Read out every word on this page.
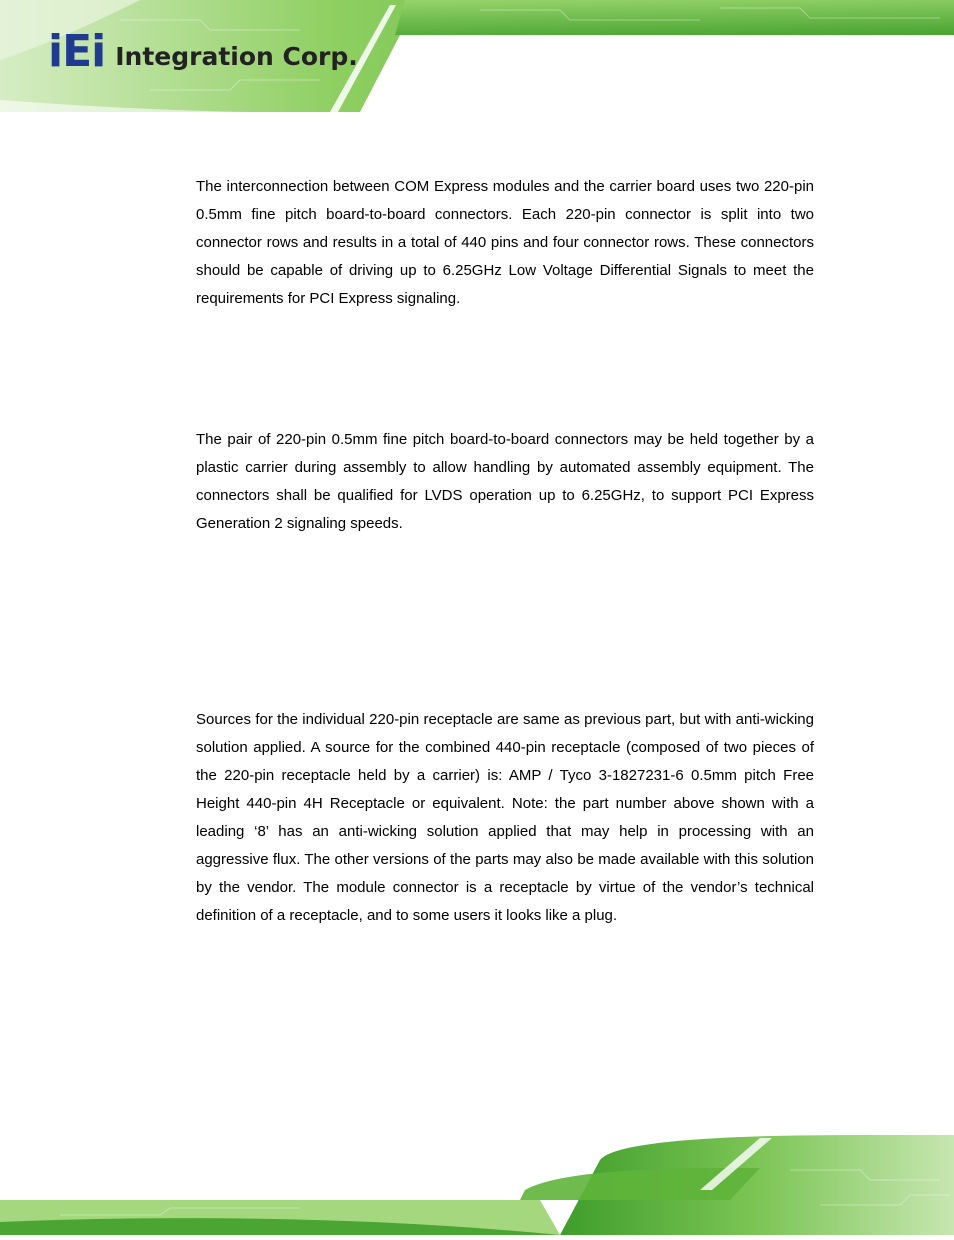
iEi Integration Corp.

The interconnection between COM Express modules and the carrier board uses two 220-pin 0.5mm fine pitch board-to-board connectors. Each 220-pin connector is split into two connector rows and results in a total of 440 pins and four connector rows. These connectors should be capable of driving up to 6.25GHz Low Voltage Differential Signals to meet the requirements for PCI Express signaling.

The pair of 220-pin 0.5mm fine pitch board-to-board connectors may be held together by a plastic carrier during assembly to allow handling by automated assembly equipment. The connectors shall be qualified for LVDS operation up to 6.25GHz, to support PCI Express Generation 2 signaling speeds.

Sources for the individual 220-pin receptacle are same as previous part, but with anti-wicking solution applied. A source for the combined 440-pin receptacle (composed of two pieces of the 220-pin receptacle held by a carrier) is: AMP / Tyco 3-1827231-6 0.5mm pitch Free Height 440-pin 4H Receptacle or equivalent. Note: the part number above shown with a leading ‘8’ has an anti-wicking solution applied that may help in processing with an aggressive flux. The other versions of the parts may also be made available with this solution by the vendor. The module connector is a receptacle by virtue of the vendor’s technical definition of a receptacle, and to some users it looks like a plug.
